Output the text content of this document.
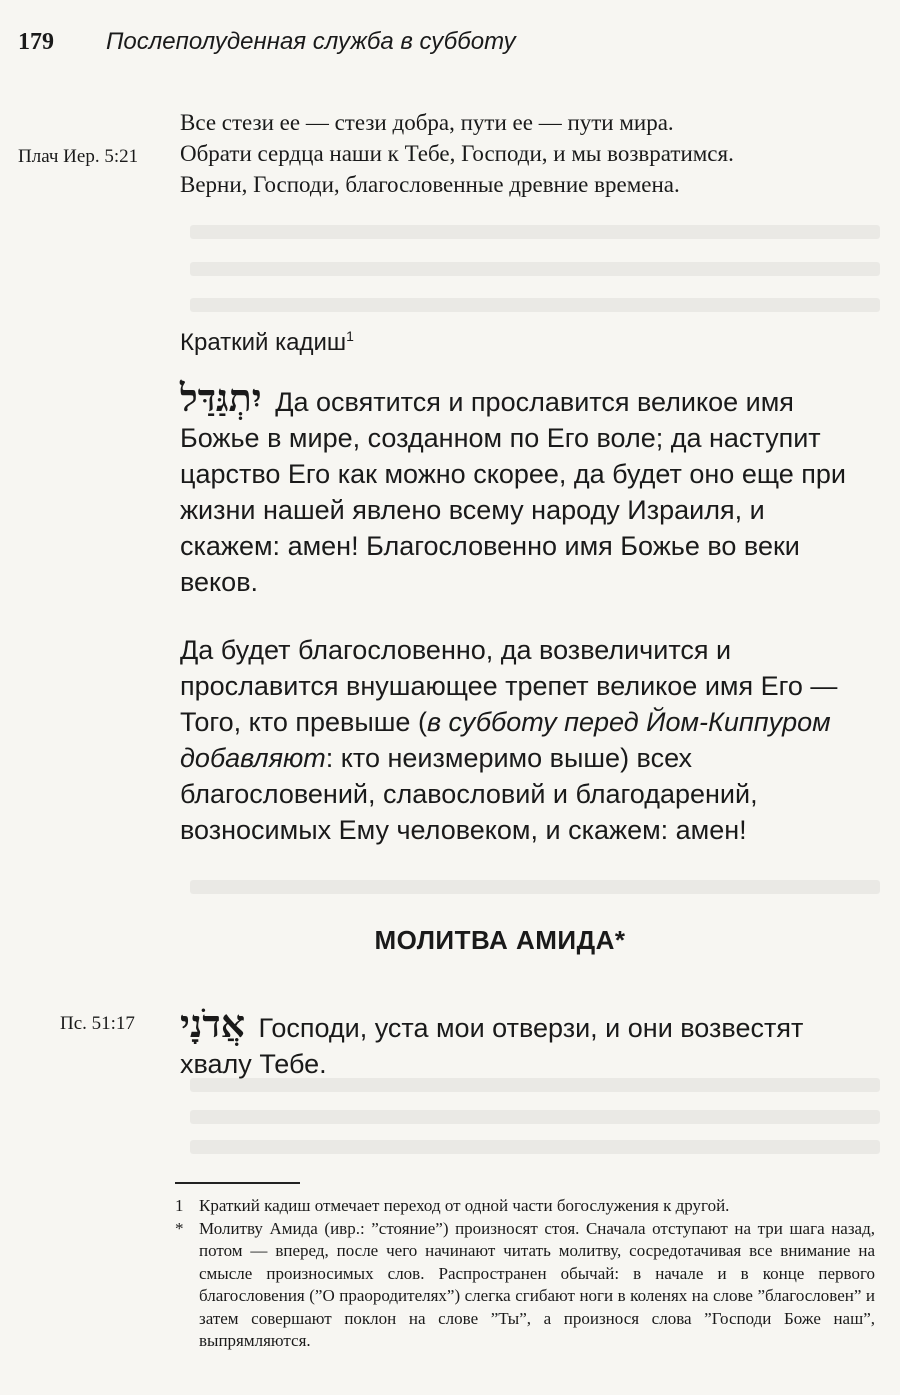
179 Послеполуденная служба в субботу
Плач Иер. 5:21
Все стези ее — стези добра, пути ее — пути мира.
Обрати сердца наши к Тебе, Господи, и мы возвратимся.
Верни, Господи, благословенные древние времена.
Краткий кадиш$^1$
יִתְגַּדַּל Да освятится и прославится великое имя Божье в мире, созданном по Его воле; да наступит царство Его как можно скорее, да будет оно еще при жизни нашей явлено всему народу Израиля, и скажем: амен! Благословенно имя Божье во веки веков.
Да будет благословенно, да возвеличится и прославится внушающее трепет великое имя Его — Того, кто превыше (в субботу перед Йом-Киппуром добавляют: кто неизмеримо выше) всех благословений, славословий и благодарений, возносимых Ему человеком, и скажем: амен!
МОЛИТВА АМИДА*
Пс. 51:17 אֲדֹנָי Господи, уста мои отверзи, и они возвестят хвалу Тебе.
1 Краткий кадиш отмечает переход от одной части богослужения к другой.
* Молитву Амида (ивр.: ”стояние”) произносят стоя. Сначала отступают на три шага назад, потом — вперед, после чего начинают читать молитву, сосредотачивая все внимание на смысле произносимых слов. Распространен обычай: в начале и в конце первого благословения (”О праородителях”) слегка сгибают ноги в коленях на слове ”благословен” и затем совершают поклон на слове ”Ты”, а произнося слова ”Господи Боже наш”, выпрямляются.
